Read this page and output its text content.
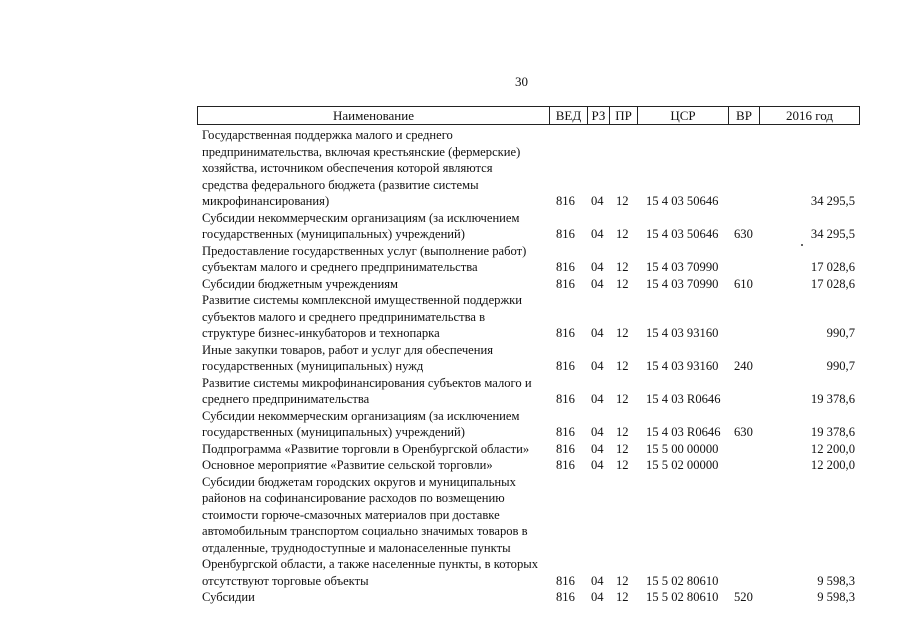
30
Наименование	ВЕД РЗ ПР	ЦСР	ВР	2016 год
Государственная поддержка малого и среднего
предпринимательства, включая крестьянские (фермерские)
хозяйства, источником обеспечения которой являются
средства федерального бюджета (развитие системы
микрофинансирования)	816 04 12 15 4 03 50646	34 295,5
Субсидии некоммерческим организациям (за исключением
государственных (муниципальных) учреждений)	816 04 12 15 4 03 50646 630	34 295,5
Предоставление государственных услуг (выполнение работ)
субъектам малого и среднего предпринимательства	816 04 12 15 4 03 70990	17 028,6
Субсидии бюджетным учреждениям	816 04 12 15 4 03 70990 610	17 028,6
Развитие системы комплексной имущественной поддержки
субъектов малого и среднего предпринимательства в
структуре бизнес-инкубаторов и технопарка	816 04 12 15 4 03 93160	990,7
Иные закупки товаров, работ и услуг для обеспечения
государственных (муниципальных) нужд	816 04 12 15 4 03 93160 240	990,7
Развитие системы микрофинансирования субъектов малого и
среднего предпринимательства	816 04 12 15 4 03 R0646	19 378,6
Субсидии некоммерческим организациям (за исключением
государственных (муниципальных) учреждений)	816 04 12 15 4 03 R0646 630	19 378,6
Подпрограмма «Развитие торговли в Оренбургской области»	816 04 12 15 5 00 00000	12 200,0
Основное мероприятие «Развитие сельской торговли»	816 04 12 15 5 02 00000	12 200,0
Субсидии бюджетам городских округов и муниципальных
районов на софинансирование расходов по возмещению
стоимости горюче-смазочных материалов при доставке
автомобильным транспортом социально значимых товаров в
отдаленные, труднодоступные и малонаселенные пункты
Оренбургской области, а также населенные пункты, в которых
отсутствуют торговые объекты	816 04 12 15 5 02 80610	9 598,3
Субсидии	816 04 12 15 5 02 80610 520	9 598,3
